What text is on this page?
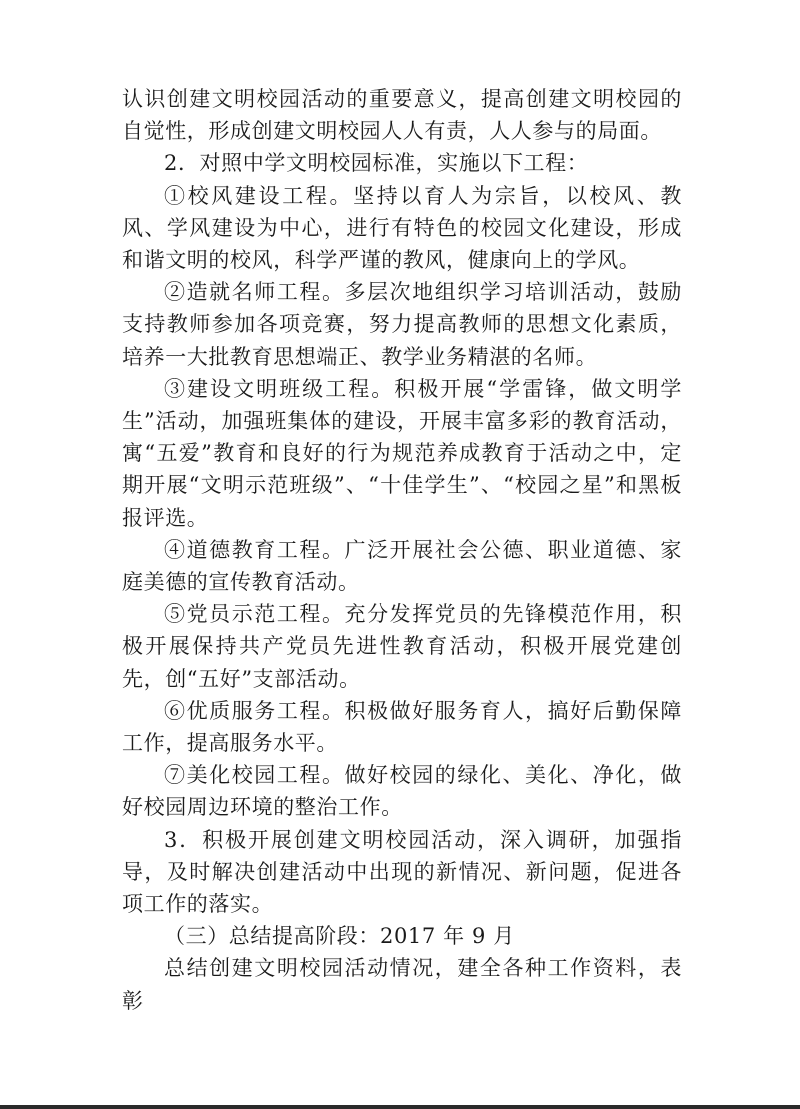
认识创建文明校园活动的重要意义，提高创建文明校园的自觉性，形成创建文明校园人人有责，人人参与的局面。

2．对照中学文明校园标准，实施以下工程：

①校风建设工程。坚持以育人为宗旨，以校风、教风、学风建设为中心，进行有特色的校园文化建设，形成和谐文明的校风，科学严谨的教风，健康向上的学风。

②造就名师工程。多层次地组织学习培训活动，鼓励支持教师参加各项竞赛，努力提高教师的思想文化素质，培养一大批教育思想端正、教学业务精湛的名师。

③建设文明班级工程。积极开展“学雷锋，做文明学生”活动，加强班集体的建设，开展丰富多彩的教育活动，寓“五爱”教育和良好的行为规范养成教育于活动之中，定期开展“文明示范班级”、“十佳学生”、“校园之星”和黑板报评选。

④道德教育工程。广泛开展社会公德、职业道德、家庭美德的宣传教育活动。

⑤党员示范工程。充分发挥党员的先锋模范作用，积极开展保持共产党员先进性教育活动，积极开展党建创先，创“五好”支部活动。

⑥优质服务工程。积极做好服务育人，搞好后勤保障工作，提高服务水平。

⑦美化校园工程。做好校园的绿化、美化、净化，做好校园周边环境的整治工作。

3．积极开展创建文明校园活动，深入调研，加强指导，及时解决创建活动中出现的新情况、新问题，促进各项工作的落实。

（三）总结提高阶段：2017 年 9 月

总结创建文明校园活动情况，建全各种工作资料，表彰
